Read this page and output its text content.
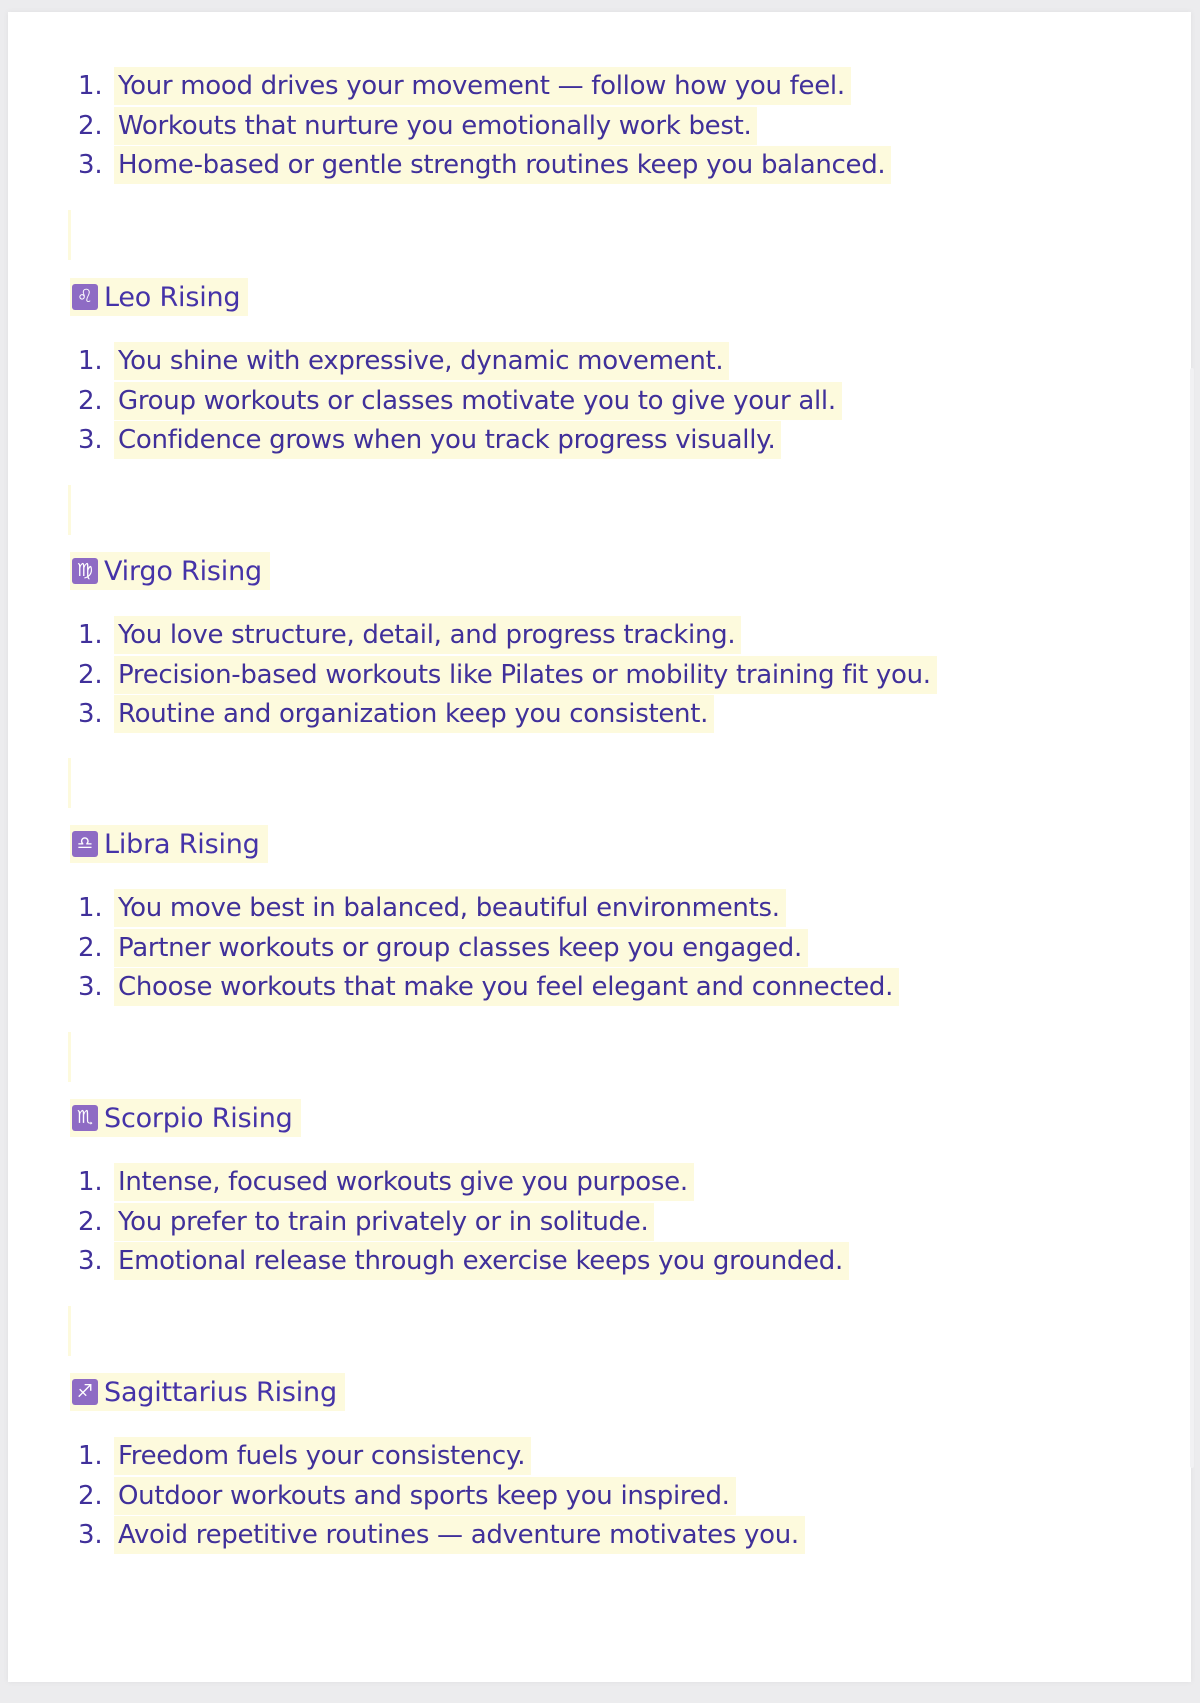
1. Your mood drives your movement — follow how you feel.
2. Workouts that nurture you emotionally work best.
3. Home-based or gentle strength routines keep you balanced.
♌ Leo Rising
1. You shine with expressive, dynamic movement.
2. Group workouts or classes motivate you to give your all.
3. Confidence grows when you track progress visually.
♍ Virgo Rising
1. You love structure, detail, and progress tracking.
2. Precision-based workouts like Pilates or mobility training fit you.
3. Routine and organization keep you consistent.
♎ Libra Rising
1. You move best in balanced, beautiful environments.
2. Partner workouts or group classes keep you engaged.
3. Choose workouts that make you feel elegant and connected.
♏ Scorpio Rising
1. Intense, focused workouts give you purpose.
2. You prefer to train privately or in solitude.
3. Emotional release through exercise keeps you grounded.
♐ Sagittarius Rising
1. Freedom fuels your consistency.
2. Outdoor workouts and sports keep you inspired.
3. Avoid repetitive routines — adventure motivates you.
